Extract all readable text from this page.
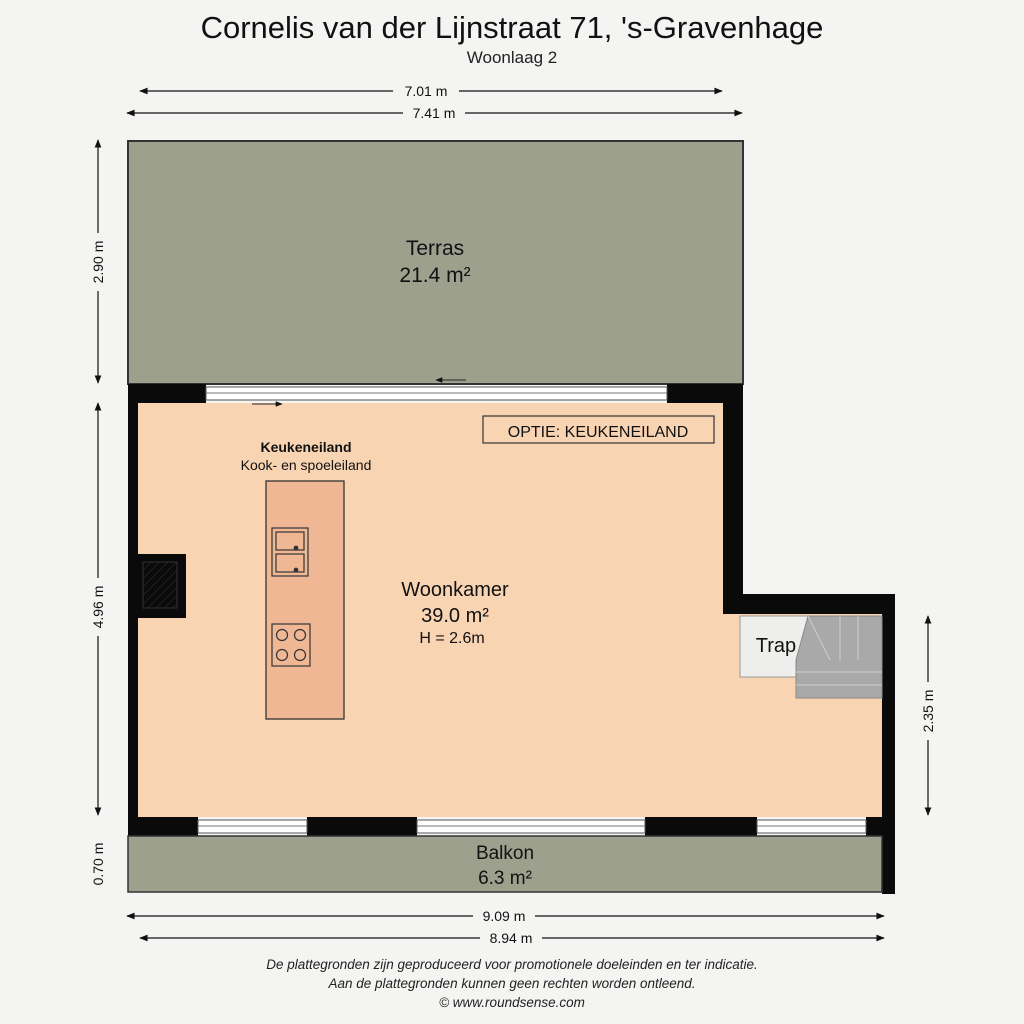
Cornelis van der Lijnstraat 71, 's-Gravenhage
Woonlaag 2
Terras
21.4 m²
OPTIE: KEUKENEILAND
Keukeneiland
Kook- en spoeleiland
Woonkamer
39.0 m²
H = 2.6m	Trap
Balkon
6.3 m²
7.01 m
7.41 m
2.90 m
4.96 m
0.70 m
2.35 m
9.09 m
8.94 m
De plattegronden zijn geproduceerd voor promotionele doeleinden en ter indicatie.
Aan de plattegronden kunnen geen rechten worden ontleend.
© www.roundsense.com
